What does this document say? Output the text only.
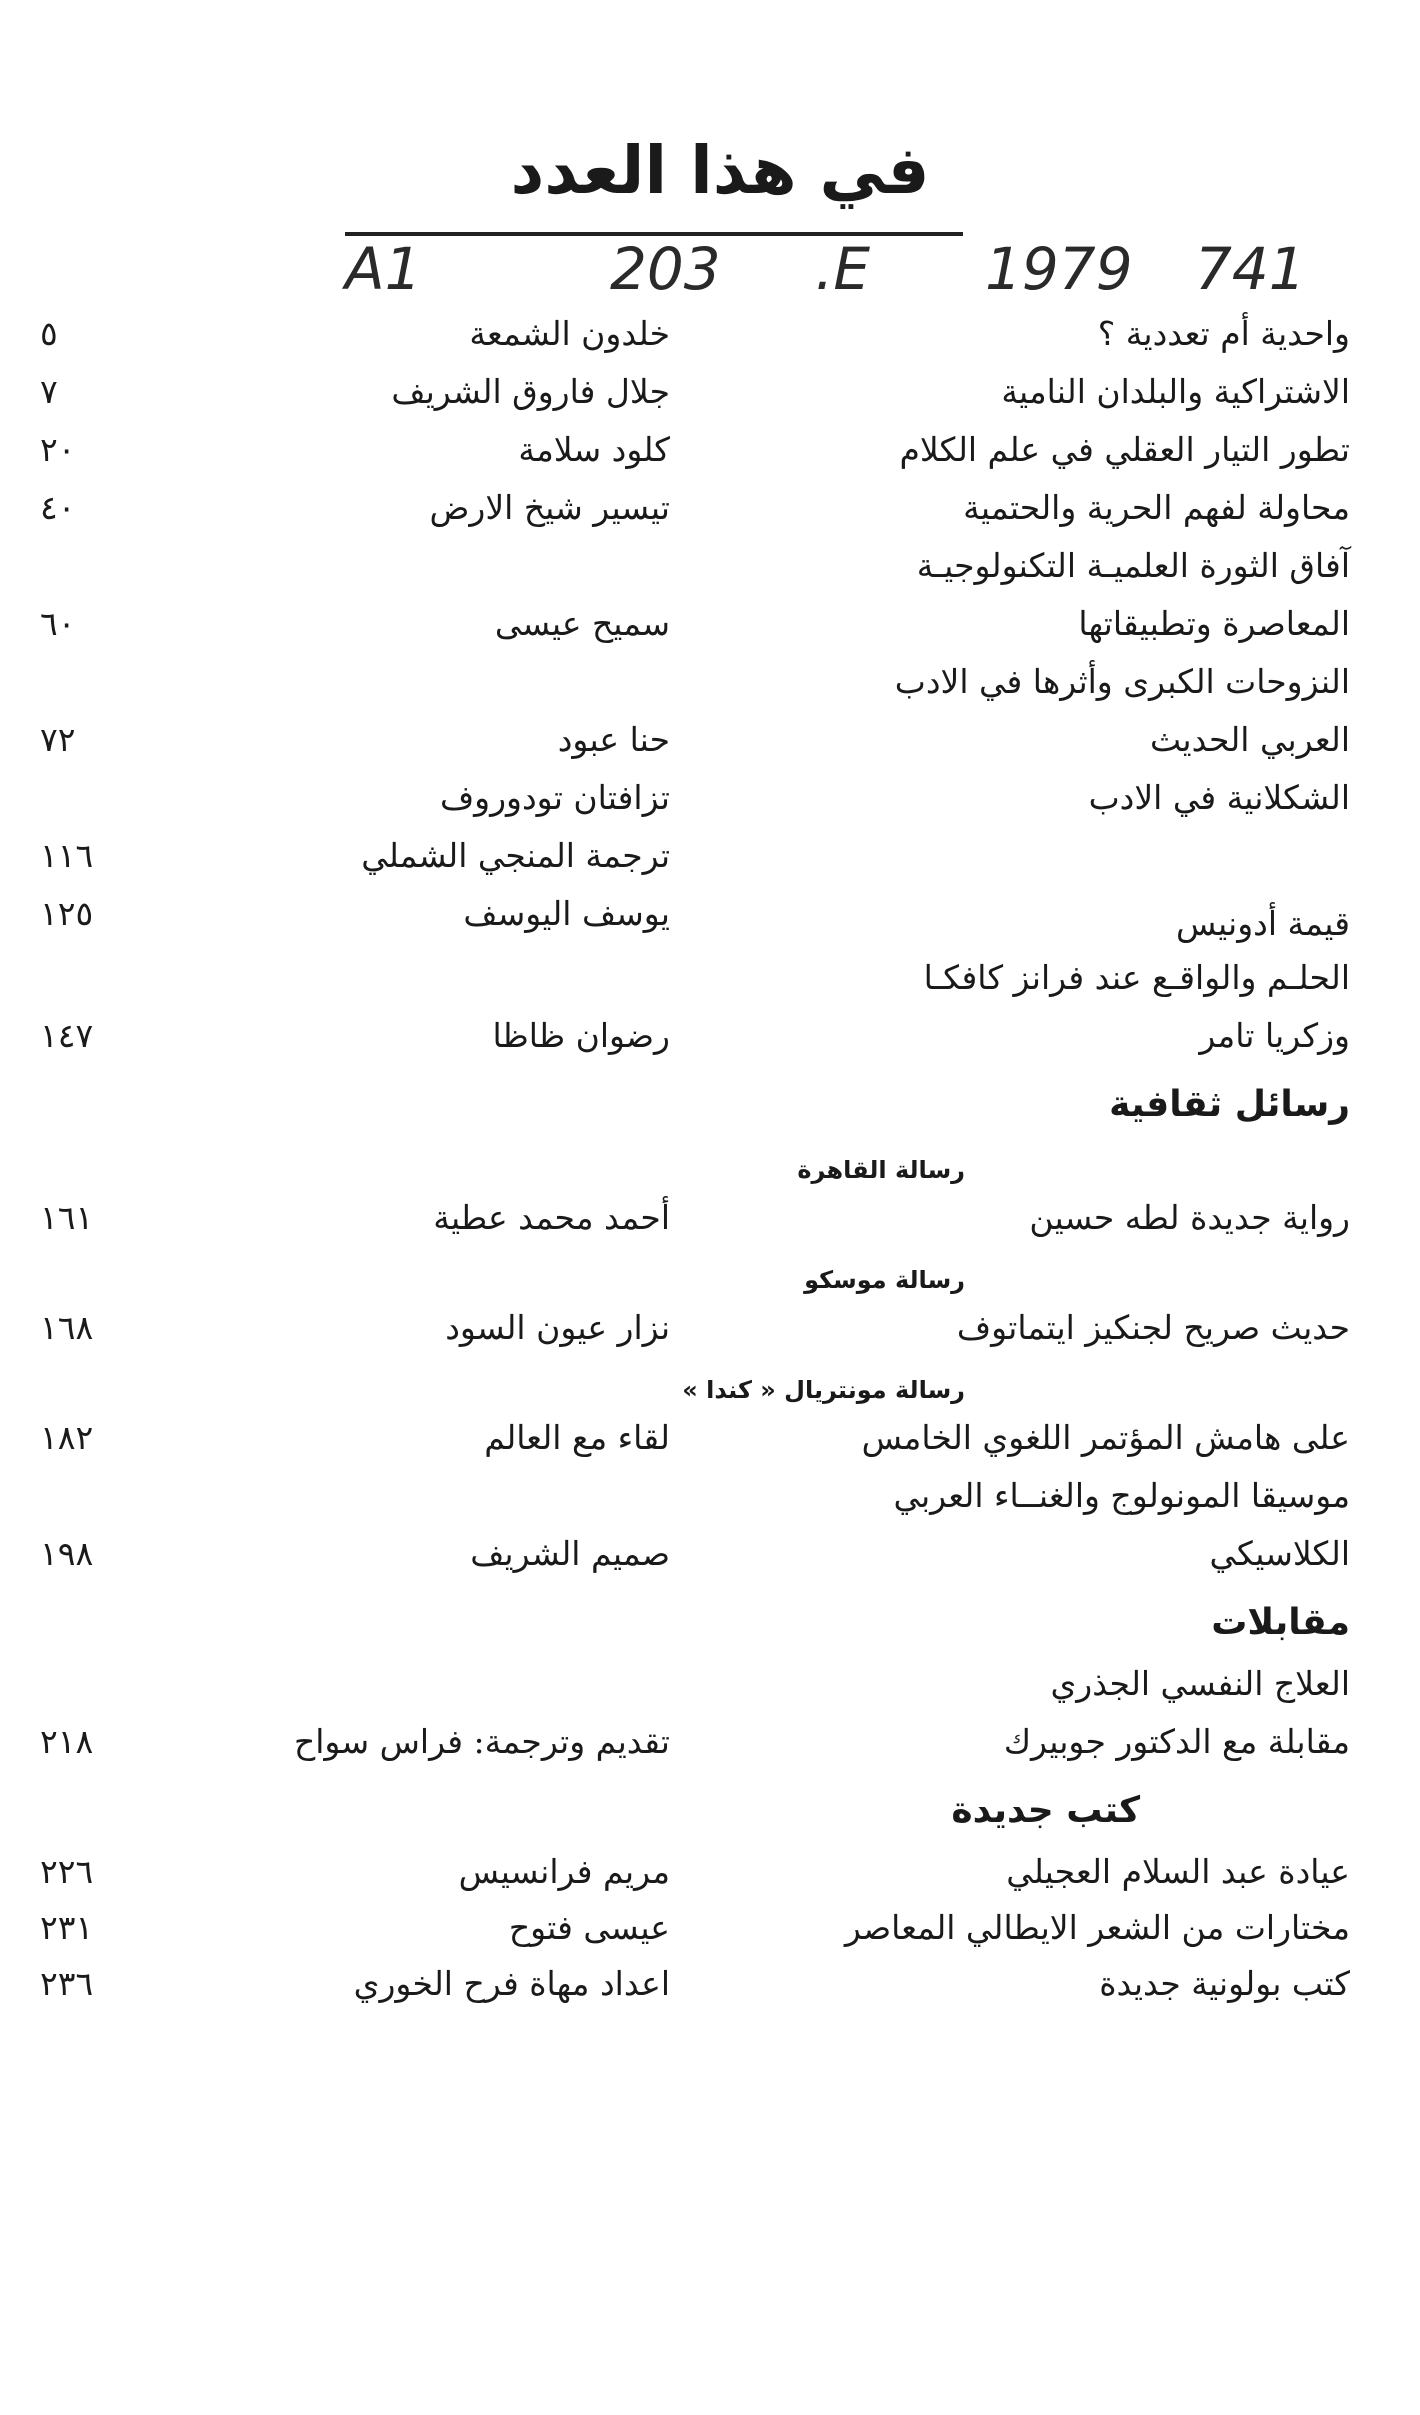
في هذا العدد
A1	203 .E 1979 741
واحدية أم تعددية ؟
خلدون الشمعة
٥
الاشتراكية والبلدان النامية
جلال فاروق الشريف
٧
تطور التيار العقلي في علم الكلام
كلود سلامة
٢٠
محاولة لفهم الحرية والحتمية
تيسير شيخ الارض
٤٠
آفاق الثورة العلميـة التكنولوجيـة
المعاصرة وتطبيقاتها
سميح عيسى
٦٠
النزوحات الكبرى وأثرها في الادب
العربي الحديث
حنا عبود
٧٢
الشكلانية في الادب
تزافتان تودوروف
ترجمة المنجي الشملي
١١٦
قيمة أدونيس
يوسف اليوسف
١٢٥
الحلـم والواقـع عند فرانز كافكـا
وزكريا تامر
رضوان ظاظا
١٤٧
رسائل ثقافية
رسالة القاهرة
رواية جديدة لطه حسين
أحمد محمد عطية
١٦١
رسالة موسكو
حديث صريح لجنكيز ايتماتوف
نزار عيون السود
١٦٨
رسالة مونتريال « كندا »
على هامش المؤتمر اللغوي الخامس
لقاء مع العالم
١٨٢
موسيقا المونولوج والغنــاء العربي
الكلاسيكي
صميم الشريف
١٩٨
مقابلات
العلاج النفسي الجذري
مقابلة مع الدكتور جوبيرك
تقديم وترجمة: فراس سواح
٢١٨
كتب جديدة
عيادة عبد السلام العجيلي
مريم فرانسيس
٢٢٦
مختارات من الشعر الايطالي المعاصر
عيسى فتوح
٢٣١
كتب بولونية جديدة
اعداد مهاة فرح الخوري
٢٣٦
